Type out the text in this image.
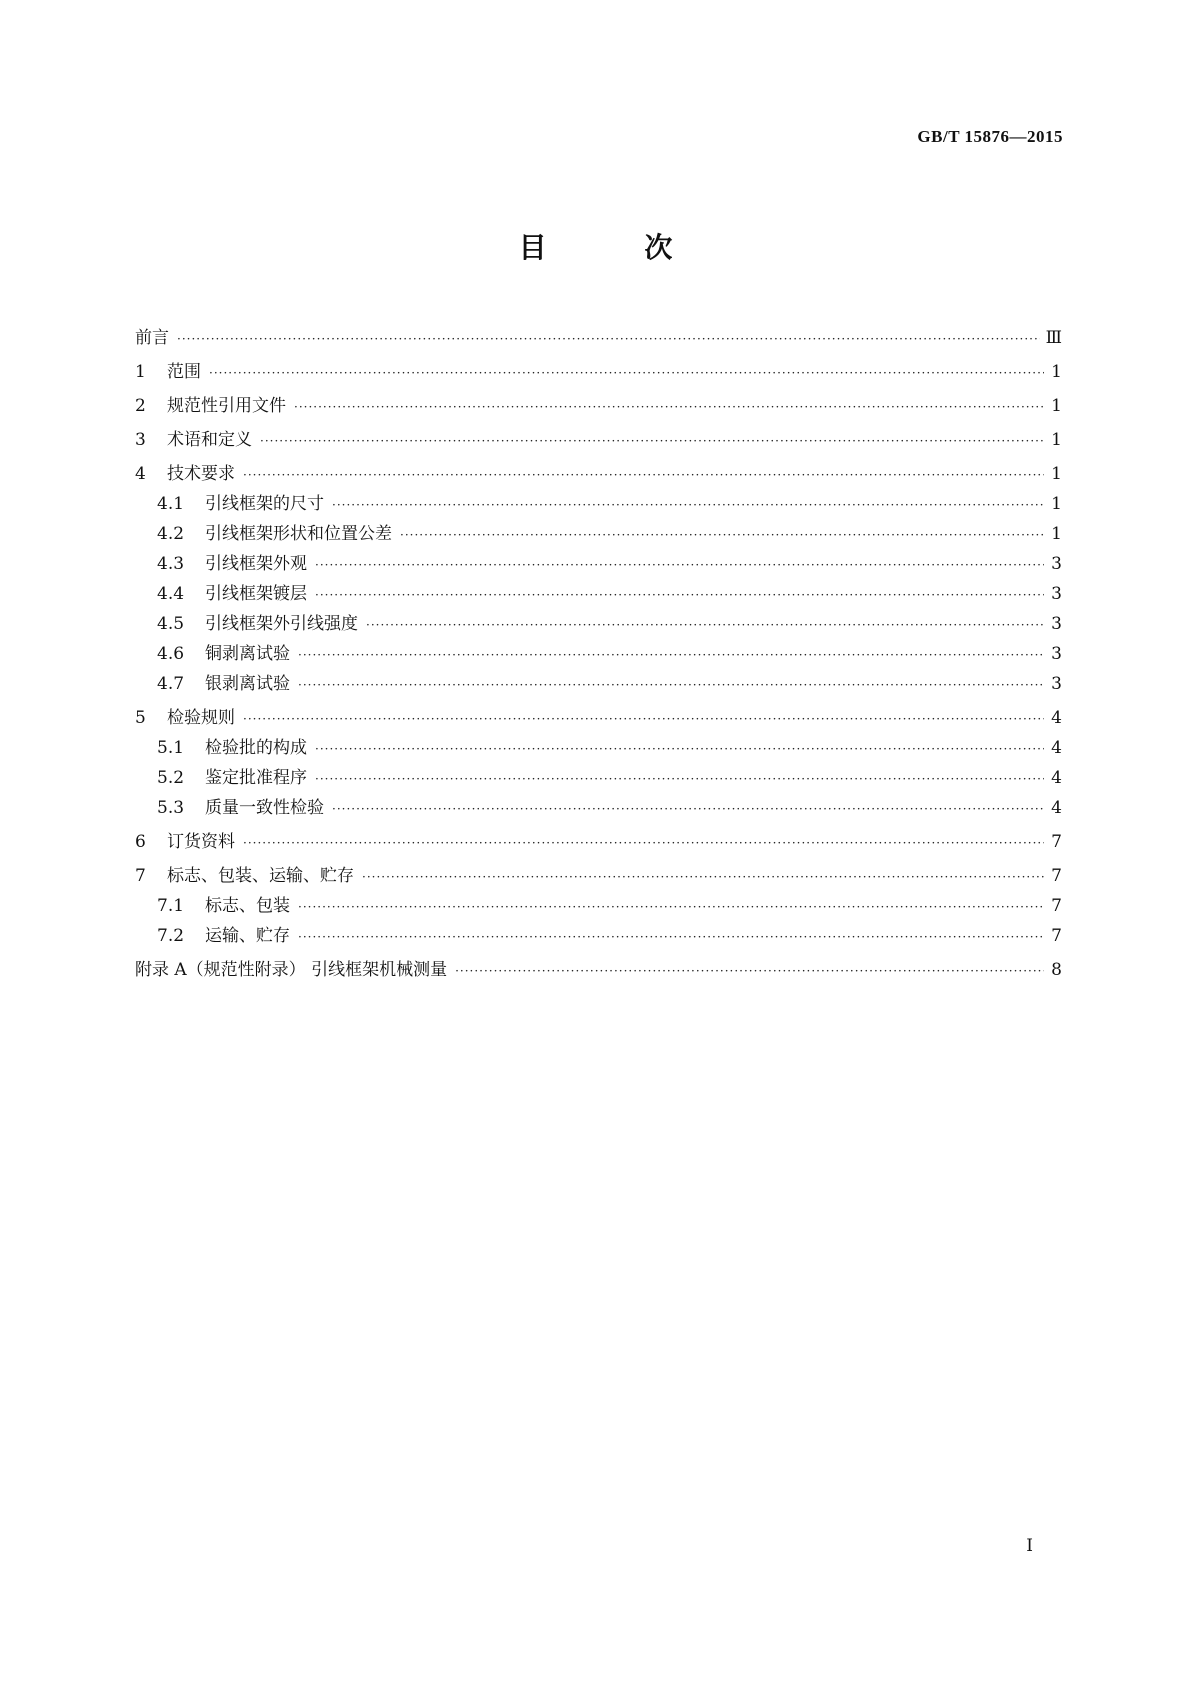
GB/T 15876—2015
目 次
前言 ·····	Ⅲ
1	范围 ·····	1
2	规范性引用文件 ·····	1
3	术语和定义 ·····	1
4	技术要求 ·····	1
4.1	引线框架的尺寸 ·····	1
4.2	引线框架形状和位置公差 ·····	1
4.3	引线框架外观 ·····	3
4.4	引线框架镀层 ·····	3
4.5	引线框架外引线强度 ·····	3
4.6	铜剥离试验 ·····	3
4.7	银剥离试验 ·····	3
5	检验规则 ·····	4
5.1	检验批的构成 ·····	4
5.2	鉴定批准程序 ·····	4
5.3	质量一致性检验 ·····	4
6	订货资料 ·····	7
7	标志、包装、运输、贮存 ·····	7
7.1	标志、包装 ·····	7
7.2	运输、贮存 ·····	7
附录 A（规范性附录） 引线框架机械测量 ·····	8
I
